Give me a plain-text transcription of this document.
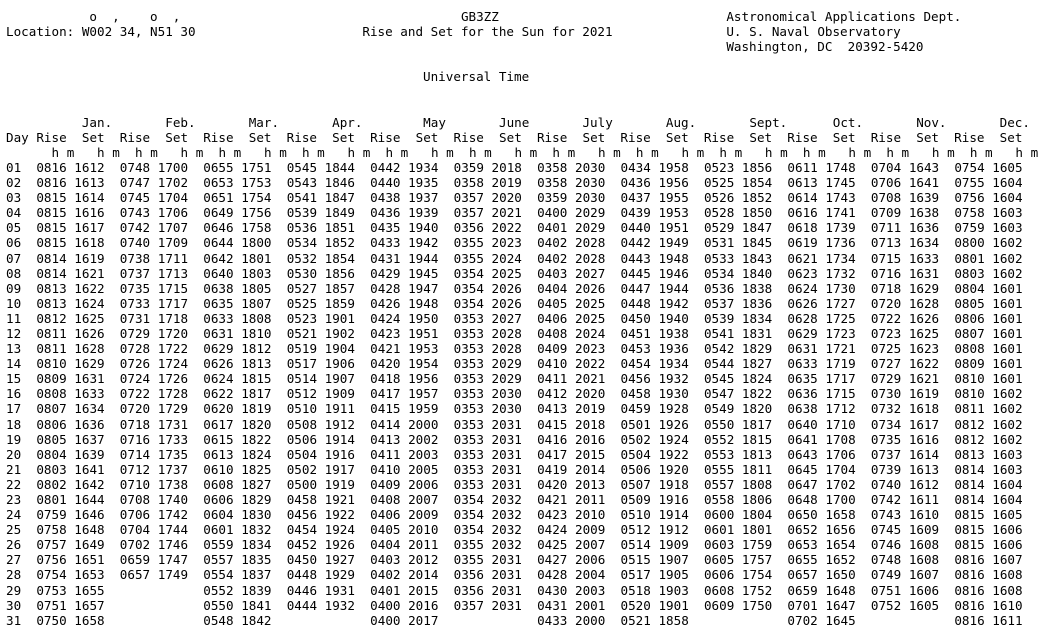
o  ,    o  ,	GB3ZZ	Astronomical Applications Dept.
Location: W002 34, N51 30	Rise and Set for the Sun for 2021	U. S. Naval Observatory
Washington, DC  20392-5420

Universal Time

Jan.	Feb.	Mar.	Apr.	May	June	July	Aug.	Sept.	Oct.	Nov.	Dec.
Day Rise Set Rise Set Rise Set Rise Set Rise Set Rise Set Rise Set Rise Set Rise Set Rise Set Rise Set Rise Set
h m h m h m h m h m h m h m h m h m h m h m h m h m h m h m h m h m h m h m h m h m h m h m h m
01 0816 1612 0748 1700 0655 1751 0545 1844 0442 1934 0359 2018 0358 2030 0434 1958 0523 1856 0611 1748 0704 1643 0754 1605
02 0816 1613 0747 1702 0653 1753 0543 1846 0440 1935 0358 2019 0358 2030 0436 1956 0525 1854 0613 1745 0706 1641 0755 1604
03 0815 1614 0745 1704 0651 1754 0541 1847 0438 1937 0357 2020 0359 2030 0437 1955 0526 1852 0614 1743 0708 1639 0756 1604
04 0815 1616 0743 1706 0649 1756 0539 1849 0436 1939 0357 2021 0400 2029 0439 1953 0528 1850 0616 1741 0709 1638 0758 1603
05 0815 1617 0742 1707 0646 1758 0536 1851 0435 1940 0356 2022 0401 2029 0440 1951 0529 1847 0618 1739 0711 1636 0759 1603
06 0815 1618 0740 1709 0644 1800 0534 1852 0433 1942 0355 2023 0402 2028 0442 1949 0531 1845 0619 1736 0713 1634 0800 1602
07 0814 1619 0738 1711 0642 1801 0532 1854 0431 1944 0355 2024 0402 2028 0443 1948 0533 1843 0621 1734 0715 1633 0801 1602
08 0814 1621 0737 1713 0640 1803 0530 1856 0429 1945 0354 2025 0403 2027 0445 1946 0534 1840 0623 1732 0716 1631 0803 1602
09 0813 1622 0735 1715 0638 1805 0527 1857 0428 1947 0354 2026 0404 2026 0447 1944 0536 1838 0624 1730 0718 1629 0804 1601
10 0813 1624 0733 1717 0635 1807 0525 1859 0426 1948 0354 2026 0405 2025 0448 1942 0537 1836 0626 1727 0720 1628 0805 1601
11 0812 1625 0731 1718 0633 1808 0523 1901 0424 1950 0353 2027 0406 2025 0450 1940 0539 1834 0628 1725 0722 1626 0806 1601
12 0811 1626 0729 1720 0631 1810 0521 1902 0423 1951 0353 2028 0408 2024 0451 1938 0541 1831 0629 1723 0723 1625 0807 1601
13 0811 1628 0728 1722 0629 1812 0519 1904 0421 1953 0353 2028 0409 2023 0453 1936 0542 1829 0631 1721 0725 1623 0808 1601
14 0810 1629 0726 1724 0626 1813 0517 1906 0420 1954 0353 2029 0410 2022 0454 1934 0544 1827 0633 1719 0727 1622 0809 1601
15 0809 1631 0724 1726 0624 1815 0514 1907 0418 1956 0353 2029 0411 2021 0456 1932 0545 1824 0635 1717 0729 1621 0810 1601
16 0808 1633 0722 1728 0622 1817 0512 1909 0417 1957 0353 2030 0412 2020 0458 1930 0547 1822 0636 1715 0730 1619 0810 1602
17 0807 1634 0720 1729 0620 1819 0510 1911 0415 1959 0353 2030 0413 2019 0459 1928 0549 1820 0638 1712 0732 1618 0811 1602
18 0806 1636 0718 1731 0617 1820 0508 1912 0414 2000 0353 2031 0415 2018 0501 1926 0550 1817 0640 1710 0734 1617 0812 1602
19 0805 1637 0716 1733 0615 1822 0506 1914 0413 2002 0353 2031 0416 2016 0502 1924 0552 1815 0641 1708 0735 1616 0812 1602
20 0804 1639 0714 1735 0613 1824 0504 1916 0411 2003 0353 2031 0417 2015 0504 1922 0553 1813 0643 1706 0737 1614 0813 1603
21 0803 1641 0712 1737 0610 1825 0502 1917 0410 2005 0353 2031 0419 2014 0506 1920 0555 1811 0645 1704 0739 1613 0814 1603
22 0802 1642 0710 1738 0608 1827 0500 1919 0409 2006 0353 2031 0420 2013 0507 1918 0557 1808 0647 1702 0740 1612 0814 1604
23 0801 1644 0708 1740 0606 1829 0458 1921 0408 2007 0354 2032 0421 2011 0509 1916 0558 1806 0648 1700 0742 1611 0814 1604
24 0759 1646 0706 1742 0604 1830 0456 1922 0406 2009 0354 2032 0423 2010 0510 1914 0600 1804 0650 1658 0743 1610 0815 1605
25 0758 1648 0704 1744 0601 1832 0454 1924 0405 2010 0354 2032 0424 2009 0512 1912 0601 1801 0652 1656 0745 1609 0815 1606
26 0757 1649 0702 1746 0559 1834 0452 1926 0404 2011 0355 2032 0425 2007 0514 1909 0603 1759 0653 1654 0746 1608 0815 1606
27 0756 1651 0659 1747 0557 1835 0450 1927 0403 2012 0355 2031 0427 2006 0515 1907 0605 1757 0655 1652 0748 1608 0816 1607
28 0754 1653 0657 1749 0554 1837 0448 1929 0402 2014 0356 2031 0428 2004 0517 1905 0606 1754 0657 1650 0749 1607 0816 1608
29 0753 1655	0552 1839 0446 1931 0401 2015 0356 2031 0430 2003 0518 1903 0608 1752 0659 1648 0751 1606 0816 1608
30 0751 1657	0550 1841 0444 1932 0400 2016 0357 2031 0431 2001 0520 1901 0609 1750 0701 1647 0752 1605 0816 1610
31 0750 1658	0548 1842	0400 2017	0433 2000 0521 1858	0702 1645	0816 1611
